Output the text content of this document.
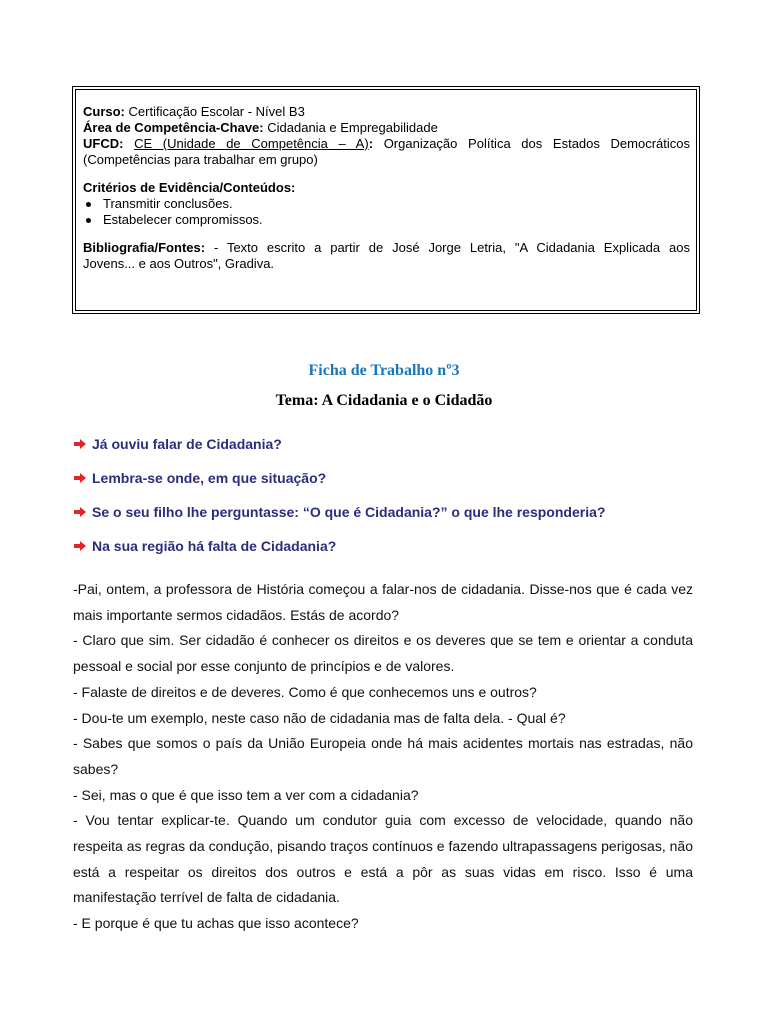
Curso: Certificação Escolar - Nível B3

Área de Competência-Chave: Cidadania e Empregabilidade

UFCD: CE (Unidade de Competência – A): Organização Política dos Estados Democráticos

(Competências para trabalhar em grupo)

Critérios de Evidência/Conteúdos:

Transmitir conclusões.
Estabelecer compromissos.

Bibliografia/Fontes: - Texto escrito a partir de José Jorge Letria, "A Cidadania Explicada aos

Jovens... e aos Outros", Gradiva.

Ficha de Trabalho nº3
Tema: A Cidadania e o Cidadão
Já ouviu falar de Cidadania?
Lembra-se onde, em que situação?
Se o seu filho lhe perguntasse: “O que é Cidadania?” o que lhe responderia?
Na sua região há falta de Cidadania?

-Pai, ontem, a professora de História começou a falar-nos de cidadania. Disse-nos que é cada vez mais importante sermos cidadãos. Estás de acordo?

- Claro que sim. Ser cidadão é conhecer os direitos e os deveres que se tem e orientar a conduta pessoal e social por esse conjunto de princípios e de valores.

- Falaste de direitos e de deveres. Como é que conhecemos uns e outros?

- Dou-te um exemplo, neste caso não de cidadania mas de falta dela. - Qual é?

- Sabes que somos o país da União Europeia onde há mais acidentes mortais nas estradas, não sabes?

- Sei, mas o que é que isso tem a ver com a cidadania?

- Vou tentar explicar-te. Quando um condutor guia com excesso de velocidade, quando não respeita as regras da condução, pisando traços contínuos e fazendo ultrapassagens perigosas, não está a respeitar os direitos dos outros e está a pôr as suas vidas em risco. Isso é uma manifestação terrível de falta de cidadania.

- E porque é que tu achas que isso acontece?
